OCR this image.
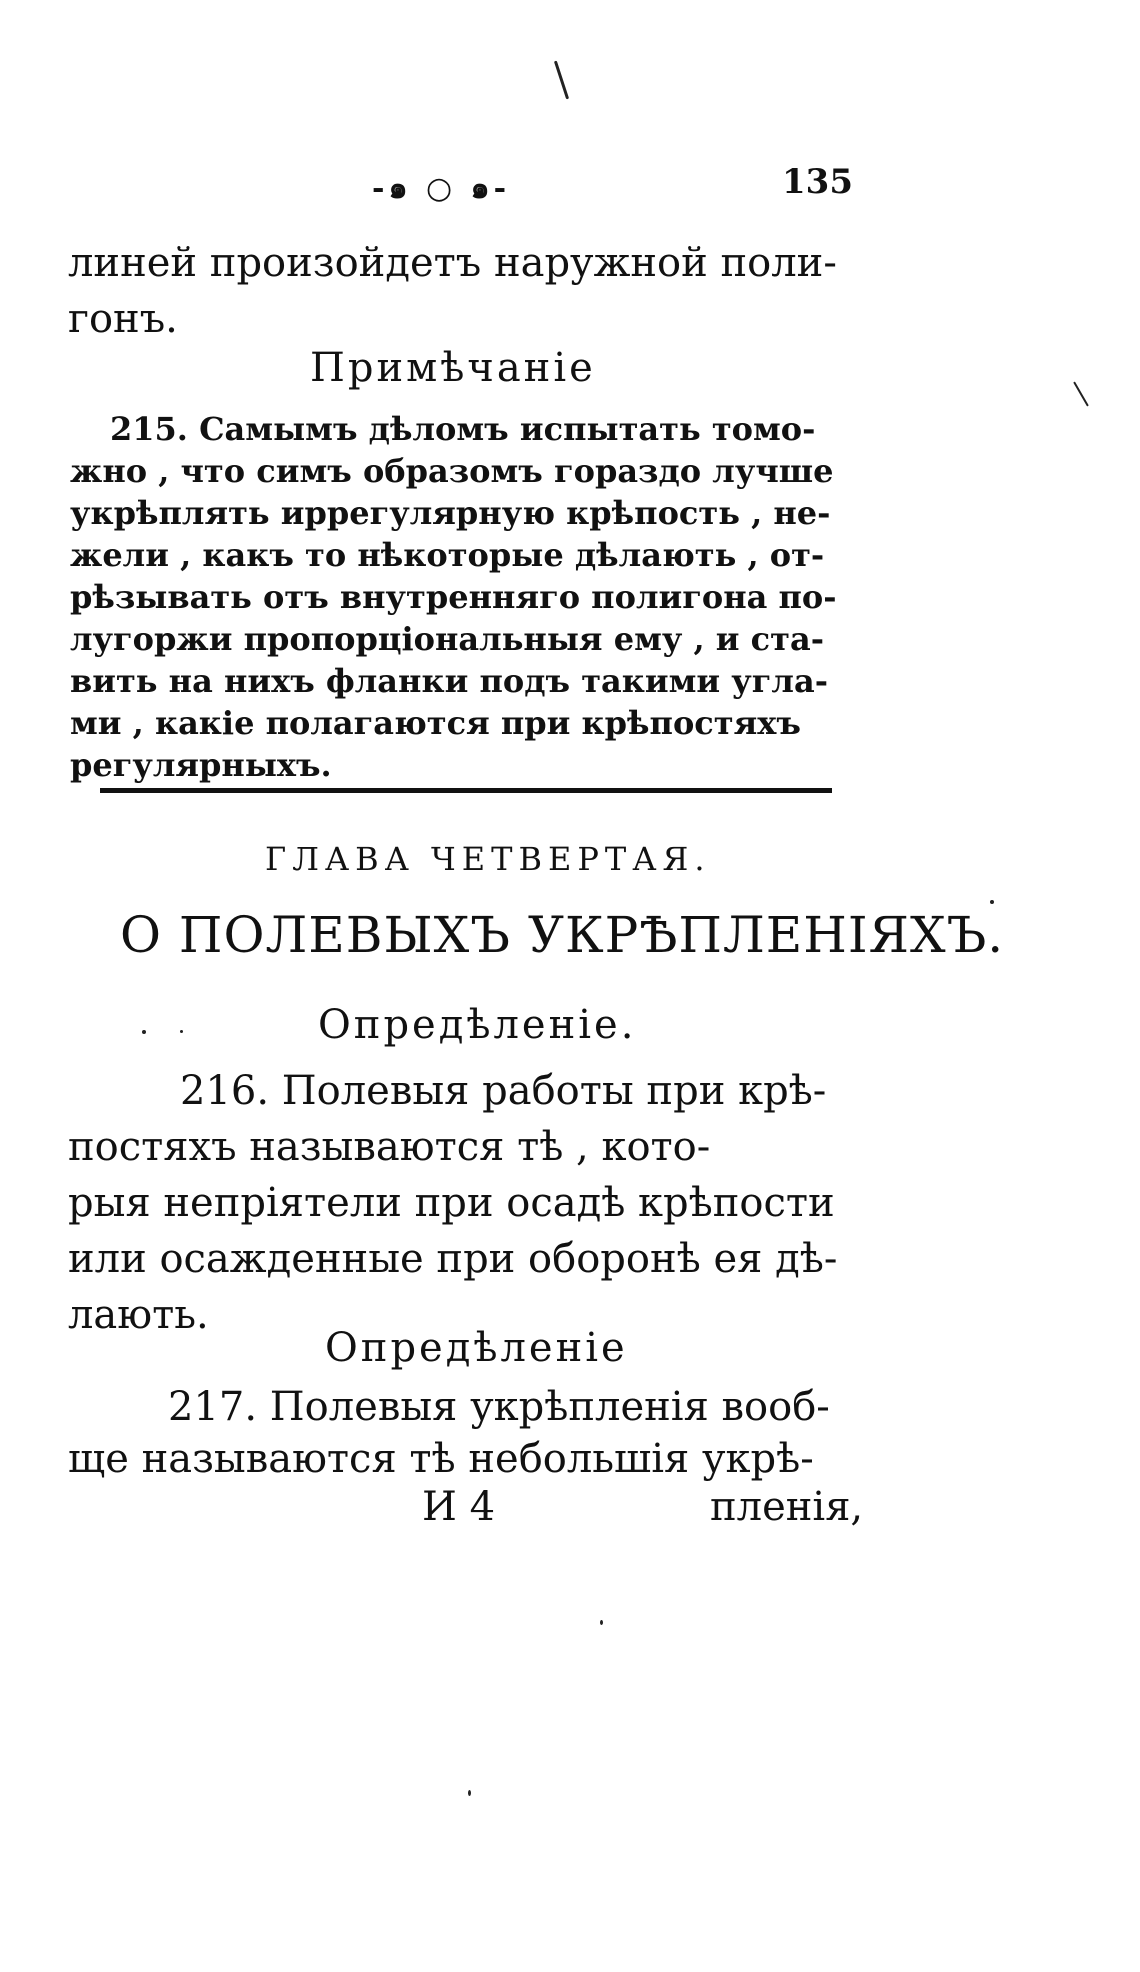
-๑ ○ ๑-	135
линей произойдетъ наружной поли-
гонъ.
Примѣчанiе
215. Самымъ дѣломъ испытать томо-
жно , что симъ образомъ гораздо лучше
укрѣплять иррегулярную крѣпость , не-
жели , какъ то нѣкоторые дѣлають , от-
рѣзывать отъ внутренняго полигона по-
лугоржи пропорцiональныя ему , и ста-
вить на нихъ фланки подъ такими угла-
ми , какiе полагаются при крѣпостяхъ
регулярныхъ.
ГЛАВА ЧЕТВЕРТАЯ.
О ПОЛЕВЫХЪ УКРѢПЛЕНIЯХЪ.
Опредѣленiе.
216. Полевыя работы при крѣ-
постяхъ называются тѣ , кото-
рыя непрiятели при осадѣ крѣпости
или осажденные при оборонѣ ея дѣ-
лають.
Опредѣленiе
217. Полевыя укрѣпленiя вооб-
ще называются тѣ небольшiя укрѣ-
И 4	пленiя,
